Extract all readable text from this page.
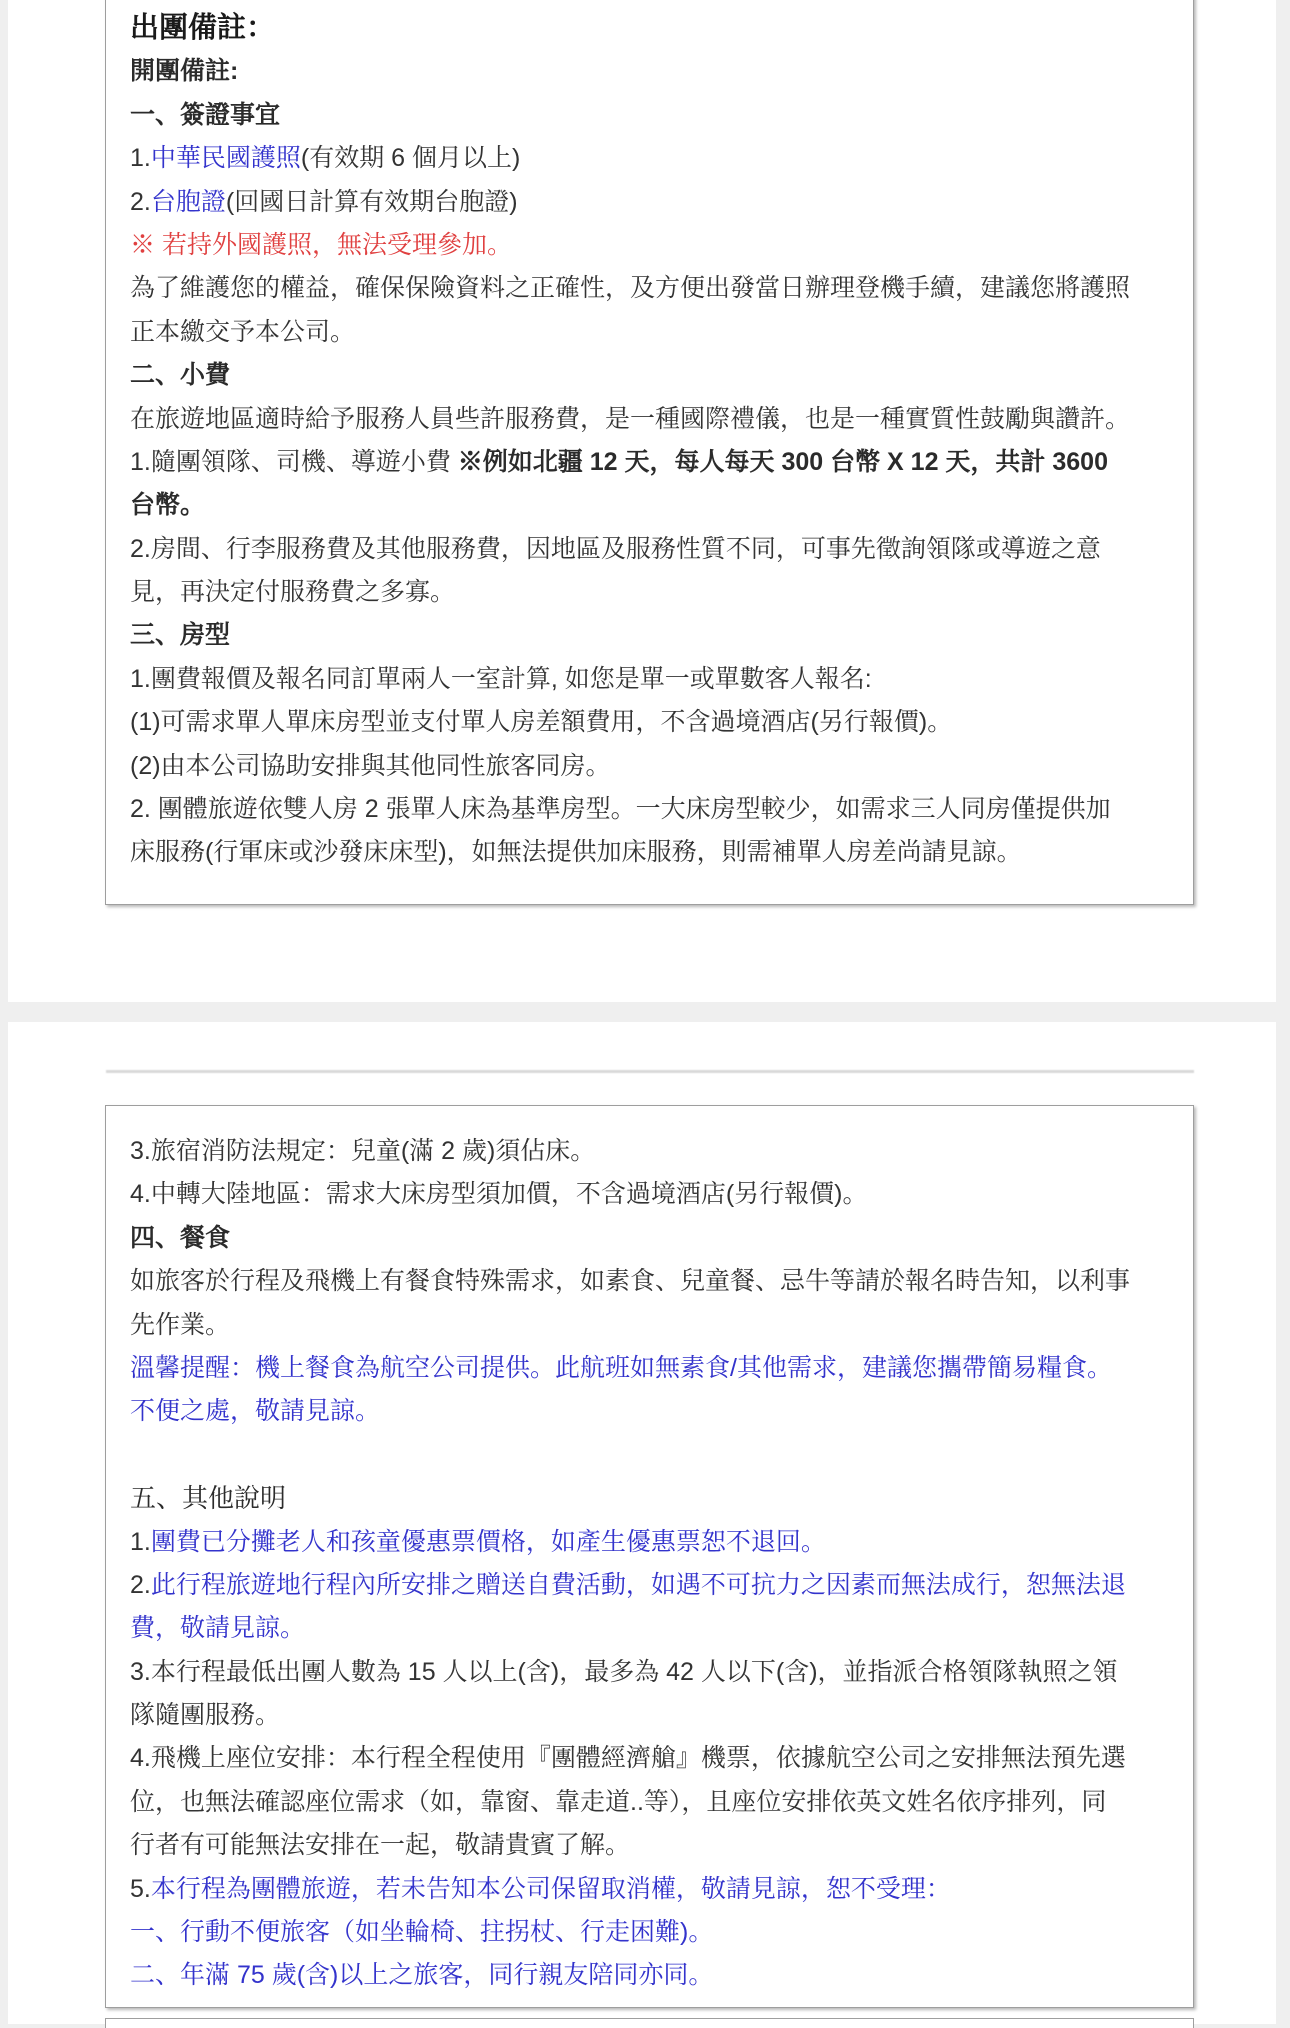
出團備註：
開團備註:
一、簽證事宜
1.中華民國護照(有效期 6 個月以上)
2.台胞證(回國日計算有效期台胞證)
※ 若持外國護照，無法受理參加。
為了維護您的權益，確保保險資料之正確性，及方便出發當日辦理登機手續，建議您將護照
正本繳交予本公司。
二、小費
在旅遊地區適時給予服務人員些許服務費，是一種國際禮儀，也是一種實質性鼓勵與讚許。
1.隨團領隊、司機、導遊小費 ※例如北疆 12 天，每人每天 300 台幣 X 12 天，共計 3600
台幣。
2.房間、行李服務費及其他服務費，因地區及服務性質不同，可事先徵詢領隊或導遊之意
見，再決定付服務費之多寡。
三、房型
1.團費報價及報名同訂單兩人一室計算, 如您是單一或單數客人報名:
(1)可需求單人單床房型並支付單人房差額費用，不含過境酒店(另行報價)。
(2)由本公司協助安排與其他同性旅客同房。
2. 團體旅遊依雙人房 2 張單人床為基準房型。一大床房型較少，如需求三人同房僅提供加
床服務(行軍床或沙發床床型)，如無法提供加床服務，則需補單人房差尚請見諒。
3.旅宿消防法規定：兒童(滿 2 歲)須佔床。
4.中轉大陸地區：需求大床房型須加價，不含過境酒店(另行報價)。
四、餐食
如旅客於行程及飛機上有餐食特殊需求，如素食、兒童餐、忌牛等請於報名時告知，以利事
先作業。
溫馨提醒：機上餐食為航空公司提供。此航班如無素食/其他需求，建議您攜帶簡易糧食。
不便之處，敬請見諒。

五、其他說明
1.團費已分攤老人和孩童優惠票價格，如產生優惠票恕不退回。
2.此行程旅遊地行程內所安排之贈送自費活動，如遇不可抗力之因素而無法成行，恕無法退
費，敬請見諒。
3.本行程最低出團人數為 15 人以上(含)，最多為 42 人以下(含)，並指派合格領隊執照之領
隊隨團服務。
4.飛機上座位安排：本行程全程使用『團體經濟艙』機票，依據航空公司之安排無法預先選
位，也無法確認座位需求（如，靠窗、靠走道..等），且座位安排依英文姓名依序排列，同
行者有可能無法安排在一起，敬請貴賓了解。
5.本行程為團體旅遊，若未告知本公司保留取消權，敬請見諒，恕不受理：
一、行動不便旅客（如坐輪椅、拄拐杖、行走困難)。
二、年滿 75 歲(含)以上之旅客，同行親友陪同亦同。
